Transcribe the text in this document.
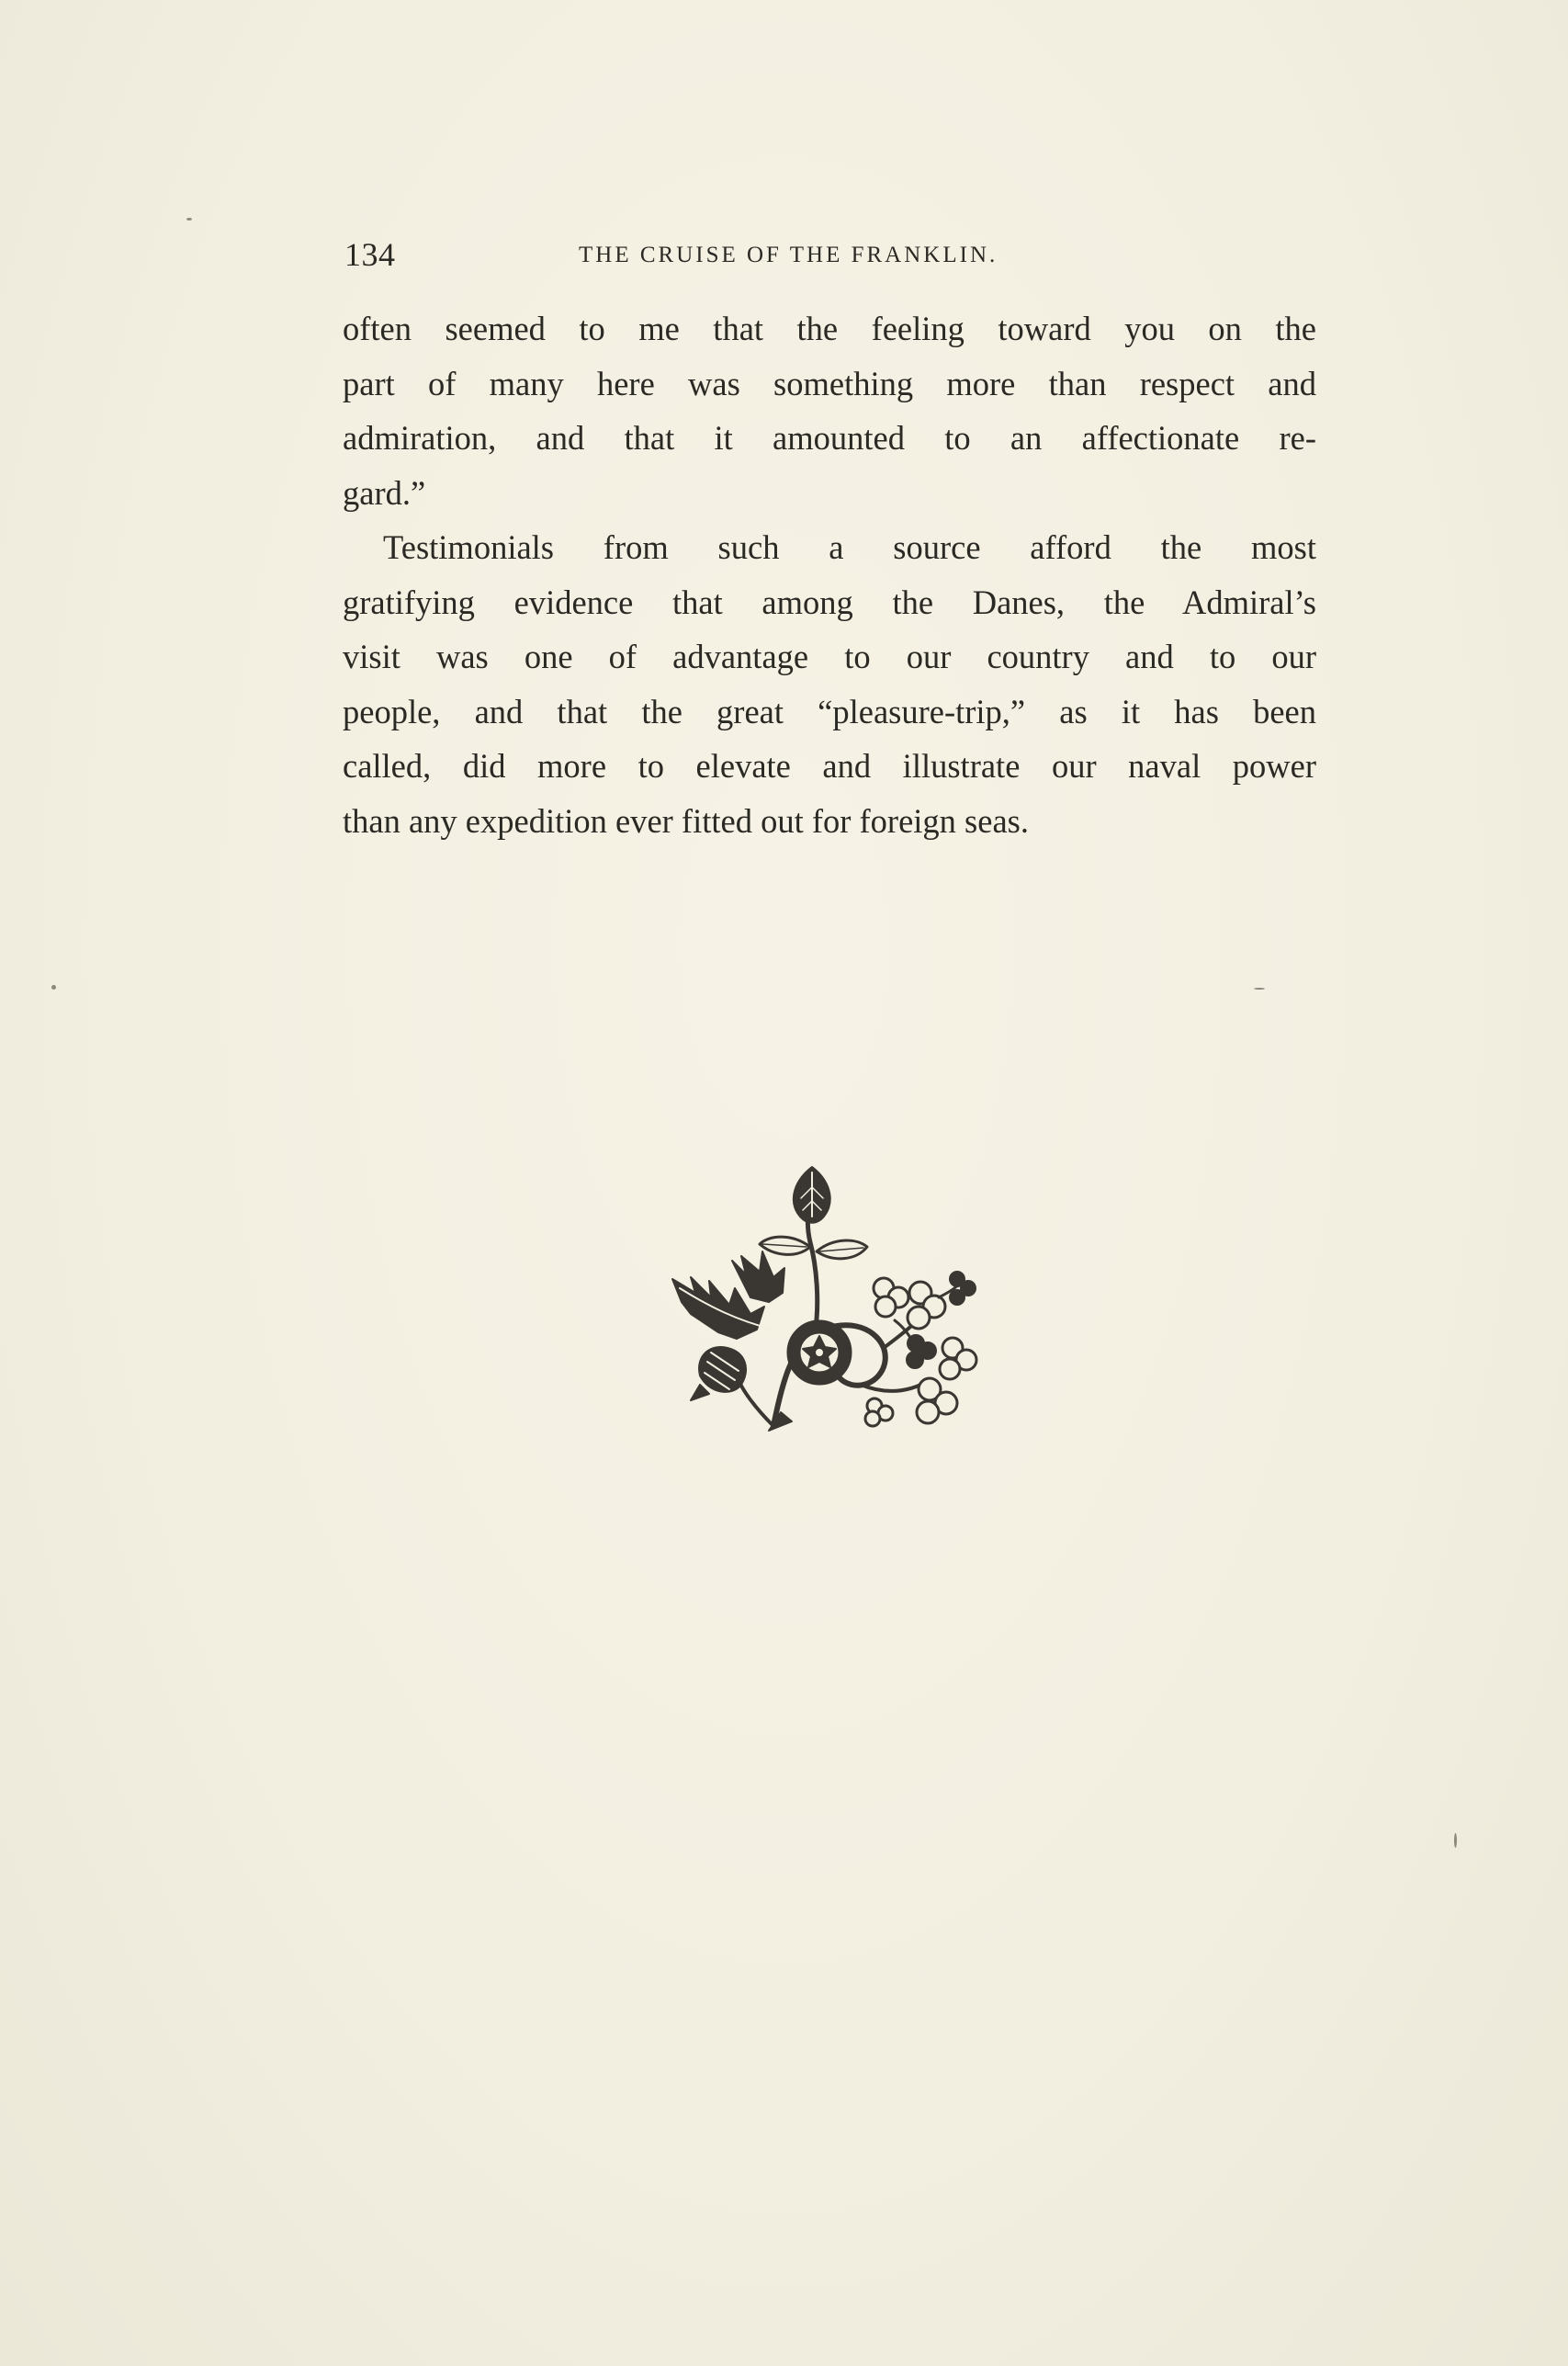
134	THE CRUISE OF THE FRANKLIN.
often seemed to me that the feeling toward you on the
part of many here was something more than respect and
admiration, and that it amounted to an affectionate re-
gard.”
Testimonials from such a source afford the most
gratifying evidence that among the Danes, the Admiral’s
visit was one of advantage to our country and to our
people, and that the great “pleasure-trip,” as it has been
called, did more to elevate and illustrate our naval power
than any expedition ever fitted out for foreign seas.
